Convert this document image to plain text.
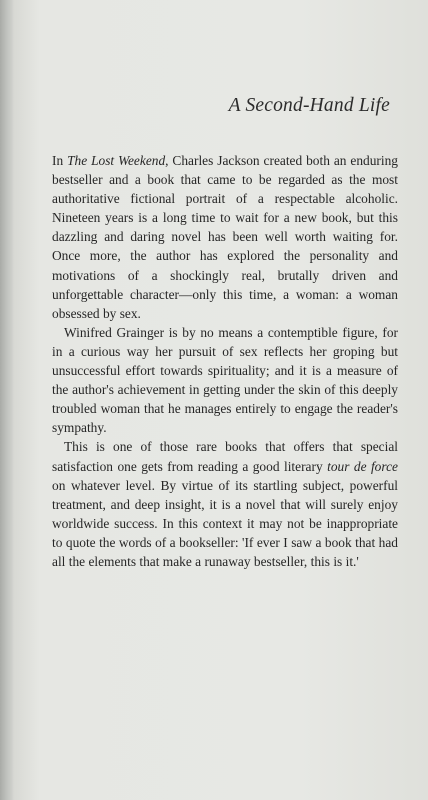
A Second-Hand Life

In The Lost Weekend, Charles Jackson created both an enduring bestseller and a book that came to be regarded as the most authoritative fictional portrait of a respectable alcoholic. Nineteen years is a long time to wait for a new book, but this dazzling and daring novel has been well worth waiting for. Once more, the author has explored the personality and motivations of a shockingly real, brutally driven and unforgettable character—only this time, a woman: a woman obsessed by sex.

Winifred Grainger is by no means a contemptible figure, for in a curious way her pursuit of sex reflects her groping but unsuccessful effort towards spirituality; and it is a measure of the author's achievement in getting under the skin of this deeply troubled woman that he manages entirely to engage the reader's sympathy.

This is one of those rare books that offers that special satisfaction one gets from reading a good literary tour de force on whatever level. By virtue of its startling subject, powerful treatment, and deep insight, it is a novel that will surely enjoy worldwide success. In this context it may not be inappropriate to quote the words of a bookseller: 'If ever I saw a book that had all the elements that make a runaway bestseller, this is it.'
